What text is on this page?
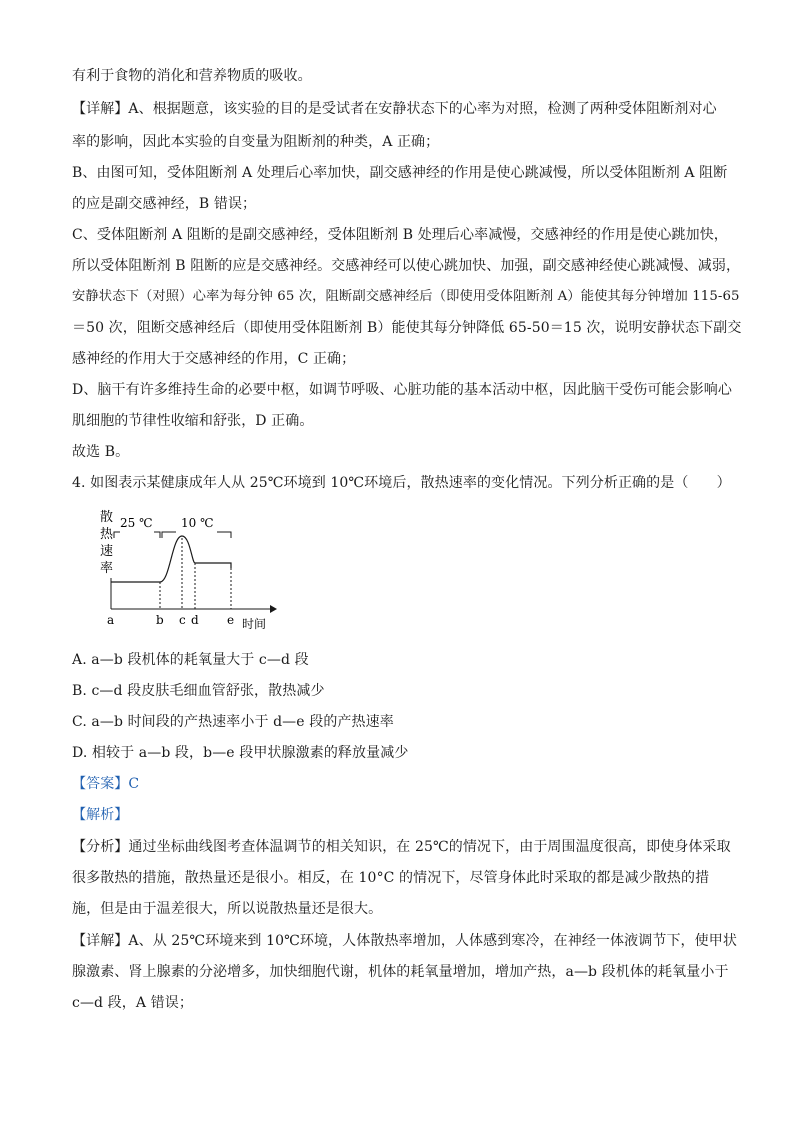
有利于食物的消化和营养物质的吸收。
【详解】A、根据题意，该实验的目的是受试者在安静状态下的心率为对照，检测了两种受体阻断剂对心
率的影响，因此本实验的自变量为阻断剂的种类，A 正确；
B、由图可知，受体阻断剂 A 处理后心率加快，副交感神经的作用是使心跳减慢，所以受体阻断剂 A 阻断
的应是副交感神经，B 错误；
C、受体阻断剂 A 阻断的是副交感神经，受体阻断剂 B 处理后心率减慢，交感神经的作用是使心跳加快，
所以受体阻断剂 B 阻断的应是交感神经。交感神经可以使心跳加快、加强，副交感神经使心跳减慢、减弱，
安静状态下（对照）心率为每分钟 65 次，阻断副交感神经后（即使用受体阻断剂 A）能使其每分钟增加 115-65
＝50 次，阻断交感神经后（即使用受体阻断剂 B）能使其每分钟降低 65-50＝15 次，说明安静状态下副交
感神经的作用大于交感神经的作用，C 正确；
D、脑干有许多维持生命的必要中枢，如调节呼吸、心脏功能的基本活动中枢，因此脑干受伤可能会影响心
肌细胞的节律性收缩和舒张，D 正确。
故选 B。
4. 如图表示某健康成年人从 25℃环境到 10℃环境后，散热速率的变化情况。下列分析正确的是（　　）
散
热
速
率
25 ℃ 10 ℃
a	b c d e 时间
A. a—b 段机体的耗氧量大于 c—d 段
B. c—d 段皮肤毛细血管舒张，散热减少
C. a—b 时间段的产热速率小于 d—e 段的产热速率
D. 相较于 a—b 段，b—e 段甲状腺激素的释放量减少
【答案】C
【解析】
【分析】通过坐标曲线图考查体温调节的相关知识，在 25℃的情况下，由于周围温度很高，即使身体采取
很多散热的措施，散热量还是很小。相反，在 10°C 的情况下，尽管身体此时采取的都是减少散热的措
施，但是由于温差很大，所以说散热量还是很大。
【详解】A、从 25℃环境来到 10℃环境，人体散热率增加，人体感到寒冷，在神经一体液调节下，使甲状
腺激素、肾上腺素的分泌增多，加快细胞代谢，机体的耗氧量增加，增加产热，a—b 段机体的耗氧量小于
c—d 段，A 错误；
